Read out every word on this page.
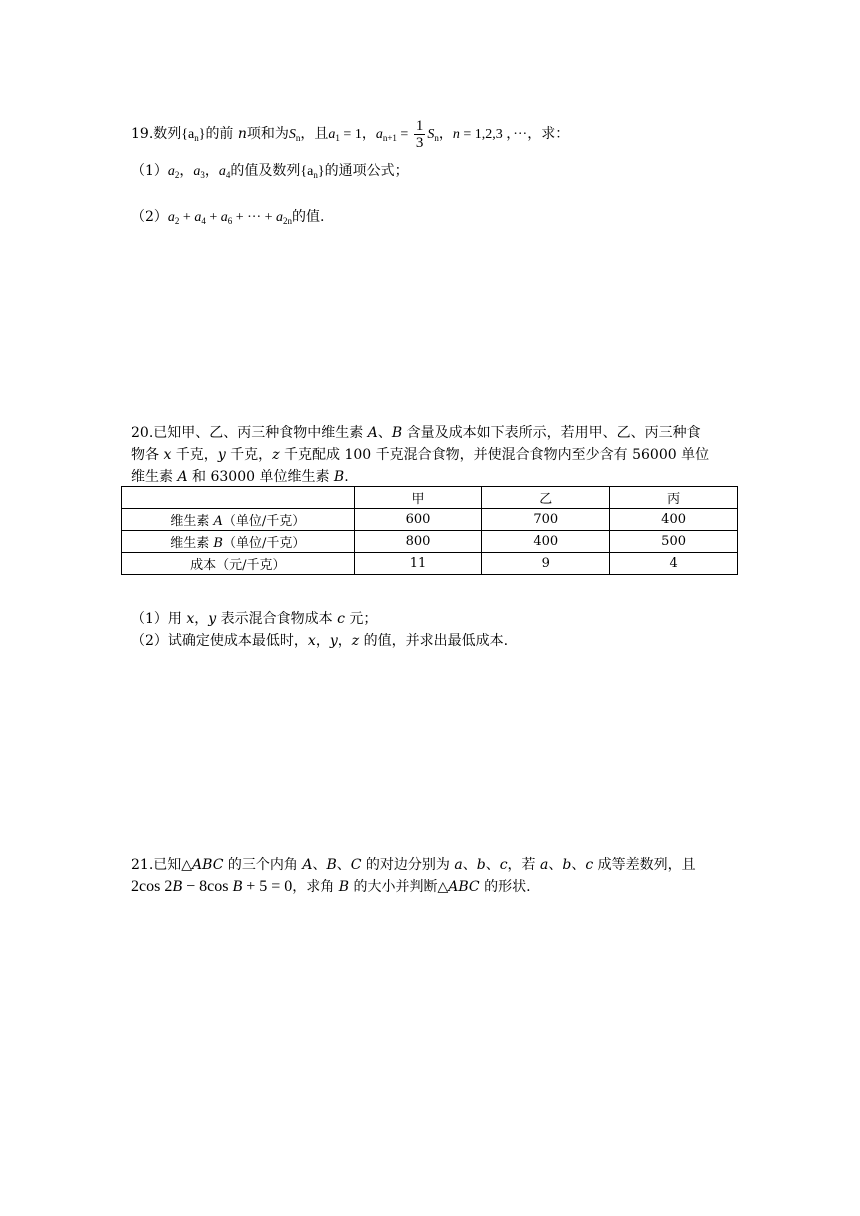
19.数列$\{a_n\}$的前 n项和为$S_n$，且$a_1 = 1$，$a_{n+1} = \frac{1}{3} S_n$，n = 1,2,3 ，···，求：
$(1)a_2$，$a_3$，$a_4$的值及数列$\{a_n\}$的通项公式；
$(2)a_2 + a_4 + a_6$ + ··· + $a_{2n}$的值.
20.已知甲、乙、丙三种食物中维生素 A、B 含量及成本如下表所示，若用甲、乙、丙三种食
物各 x 千克，y 千克，z 千克配成 100 千克混合食物，并使混合食物内至少含有 56000 单位
维生素 A 和 63000 单位维生素 B.
	甲	乙	丙
维生素 A（单位/千克）	600	700	400
维生素 B（单位/千克）	800	400	500
成本（元/千克）	11	9	4
（1）用 x，y 表示混合食物成本 c 元；
（2）试确定使成本最低时，x，y，z 的值，并求出最低成本.
21.已知△ABC 的三个内角 A、B、C 的对边分别为 a、b、c，若 a、b、c 成等差数列，且
2cos 2B − 8cos B + 5 = 0，求角 B 的大小并判断△ABC 的形状.
